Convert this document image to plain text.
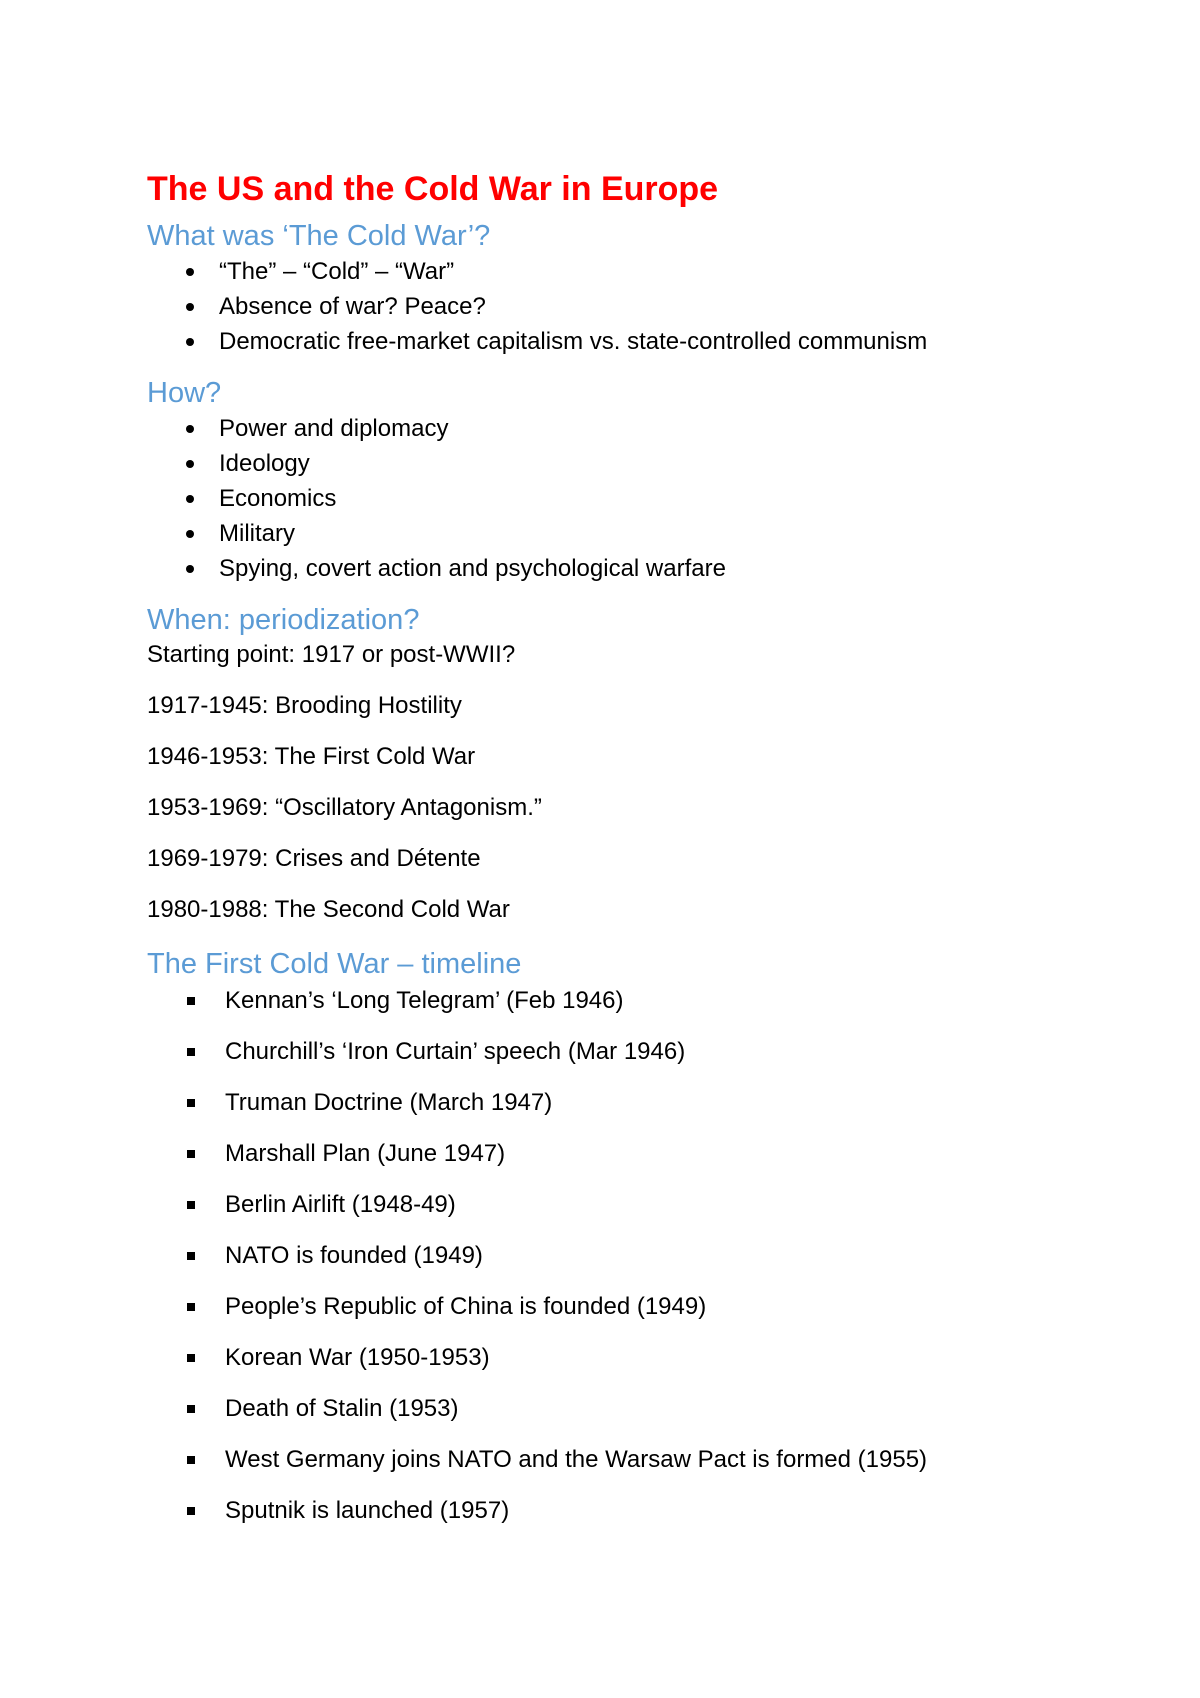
The US and the Cold War in Europe
What was ‘The Cold War’?
“The” – “Cold” – “War”
Absence of war? Peace?
Democratic free-market capitalism vs. state-controlled communism
How?
Power and diplomacy
Ideology
Economics
Military
Spying, covert action and psychological warfare
When: periodization?

Starting point: 1917 or post-WWII?

1917-1945: Brooding Hostility

1946-1953: The First Cold War

1953-1969: “Oscillatory Antagonism.”

1969-1979: Crises and Détente

1980-1988: The Second Cold War

The First Cold War – timeline
Kennan’s ‘Long Telegram’ (Feb 1946)
Churchill’s ‘Iron Curtain’ speech (Mar 1946)
Truman Doctrine (March 1947)
Marshall Plan (June 1947)
Berlin Airlift (1948-49)
NATO is founded (1949)
People’s Republic of China is founded (1949)
Korean War (1950-1953)
Death of Stalin (1953)
West Germany joins NATO and the Warsaw Pact is formed (1955)
Sputnik is launched (1957)
